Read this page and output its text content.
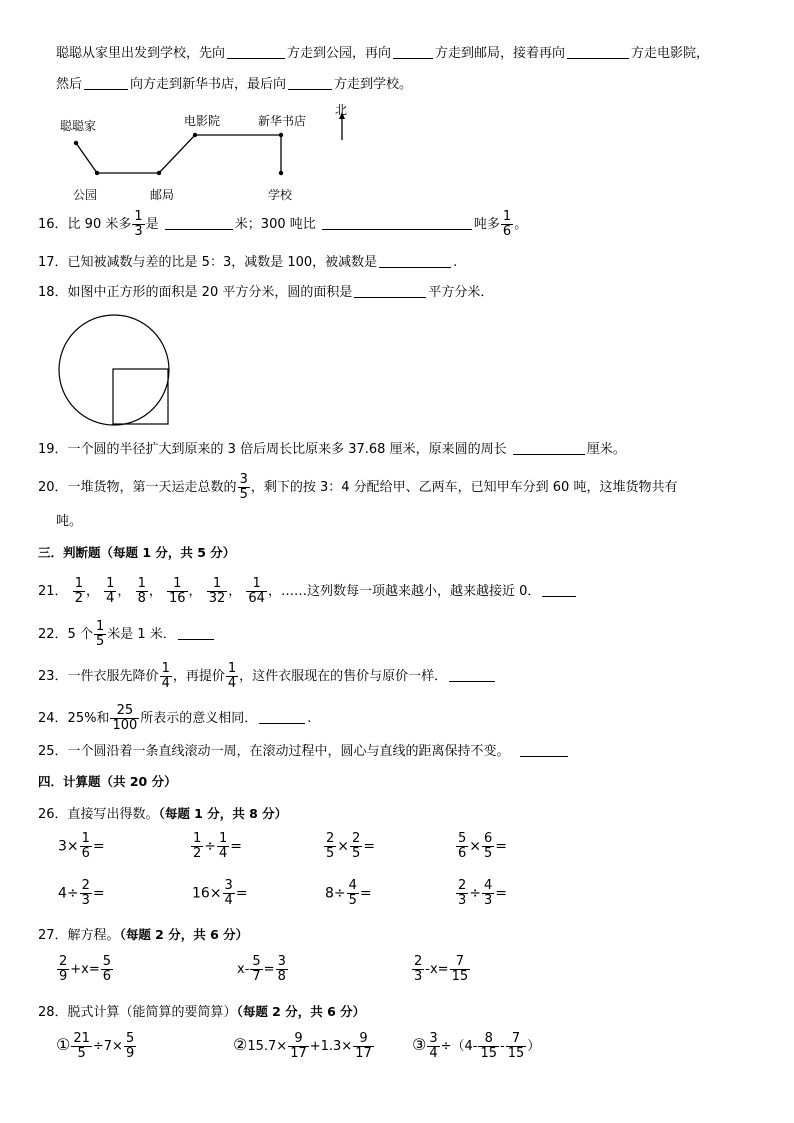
聪聪从家里出发到学校，先向	方走到公园，再向	方走到邮局，接着再向	方走电影院，
然后	向方走到新华书店，最后向	方走到学校。
聪聪家
公园	邮局
电影院	新华书店
学校
北
16．比 90 米多 $\frac{1}{3}$ 是	米；300 吨比	吨多 $\frac{1}{6}$ 。
17．已知被减数与差的比是 5：3，减数是 100，被减数是	.
18．如图中正方形的面积是 20 平方分米，圆的面积是	平方分米．
19．一个圆的半径扩大到原来的 3 倍后周长比原来多 37.68 厘米，原来圆的周长	厘米。
20．一堆货物，第一天运走总数的 $\frac{3}{5}$ ，剩下的按 3：4 分配给甲、乙两车，已知甲车分到 60 吨，这堆货物共有
吨。
三．判断题（每题 1 分，共 5 分）
21． $\frac{1}{2}$ ， $\frac{1}{4}$ ， $\frac{1}{8}$ ， $\frac{1}{16}$ ， $\frac{1}{32}$ ， $\frac{1}{64}$ ，……这列数每一项越来越小，越来越接近 0．
22．5 个 $\frac{1}{5}$ 米是 1 米．
23．一件衣服先降价 $\frac{1}{4}$ ，再提价 $\frac{1}{4}$ ，这件衣服现在的售价与原价一样．
24．25%和 $\frac{25}{100}$ 所表示的意义相同．	.
25．一个圆沿着一条直线滚动一周，在滚动过程中，圆心与直线的距离保持不变。
四．计算题（共 20 分）
26．直接写出得数。（每题 1 分，共 8 分）
$3\times \frac{1}{6}$ =	$\frac{1}{2} \div \frac{1}{4}$ =	$\frac{2}{5} \times \frac{2}{5}$ =	$\frac{5}{6} \times \frac{6}{5}$ =
$4\div \frac{2}{3}$ =	$16\times \frac{3}{4}$ =	$8\div \frac{4}{5}$ =	$\frac{2}{3} \div \frac{4}{3}$ =
27．解方程。（每题 2 分，共 6 分）
$\frac{2}{9} +x= \frac{5}{6}$	$x- \frac{5}{7} = \frac{3}{8}$	$\frac{2}{3} -x= \frac{7}{15}$
28．脱式计算（能简算的要简算）（每题 2 分，共 6 分）
① $\frac{21}{5} \div 7\times \frac{5}{9}$	②15.7× $\frac{9}{17} +1.3\times \frac{9}{17}$ ③ $\frac{3}{4} \div(4- \frac{8}{15} - \frac{7}{15}$ ）
